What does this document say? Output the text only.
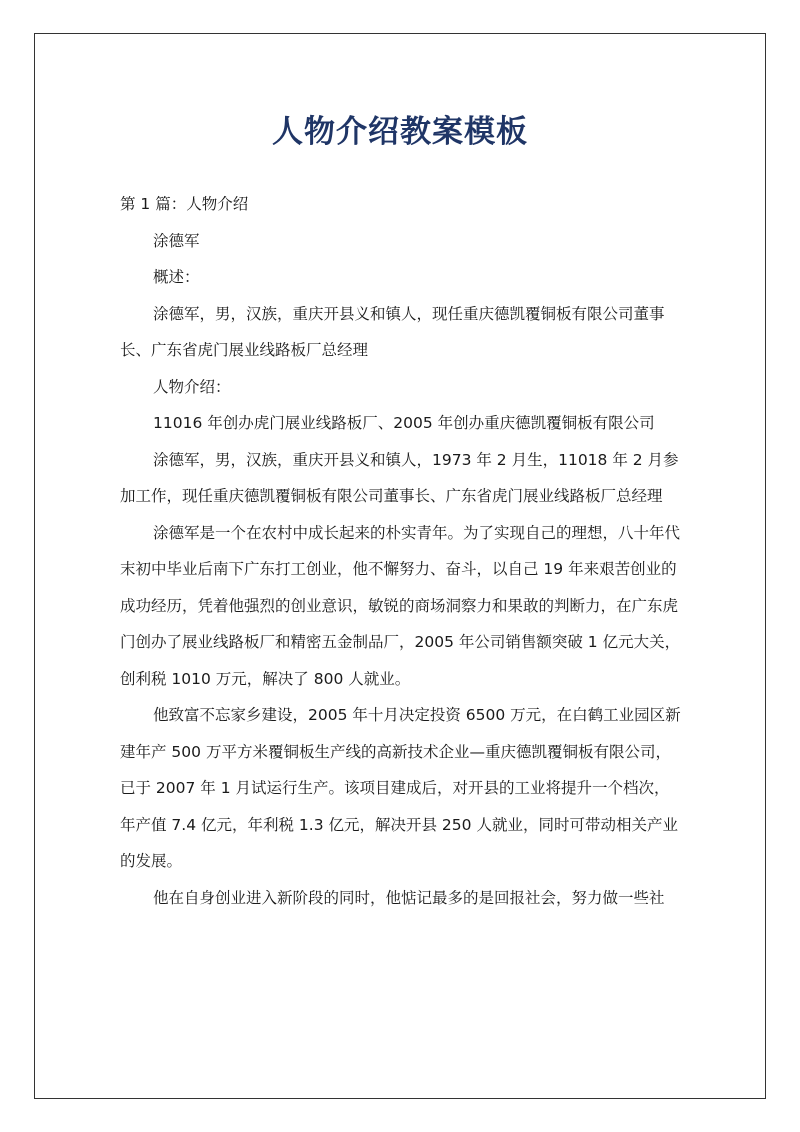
人物介绍教案模板

第 1 篇：人物介绍

涂德军

概述：

涂德军，男，汉族，重庆开县义和镇人，现任重庆德凯覆铜板有限公司董事长、广东省虎门展业线路板厂总经理

人物介绍：

11016 年创办虎门展业线路板厂、2005 年创办重庆德凯覆铜板有限公司

涂德军，男，汉族，重庆开县义和镇人，1973 年 2 月生，11018 年 2 月参加工作，现任重庆德凯覆铜板有限公司董事长、广东省虎门展业线路板厂总经理

涂德军是一个在农村中成长起来的朴实青年。为了实现自己的理想，八十年代末初中毕业后南下广东打工创业，他不懈努力、奋斗，以自己 19 年来艰苦创业的成功经历，凭着他强烈的创业意识，敏锐的商场洞察力和果敢的判断力，在广东虎门创办了展业线路板厂和精密五金制品厂，2005 年公司销售额突破 1 亿元大关，创利税 1010 万元，解决了 800 人就业。

他致富不忘家乡建设，2005 年十月决定投资 6500 万元，在白鹤工业园区新建年产 500 万平方米覆铜板生产线的高新技术企业—重庆德凯覆铜板有限公司，已于 2007 年 1 月试运行生产。该项目建成后，对开县的工业将提升一个档次，年产值 7.4 亿元，年利税 1.3 亿元，解决开县 250 人就业，同时可带动相关产业的发展。

他在自身创业进入新阶段的同时，他惦记最多的是回报社会，努力做一些社
